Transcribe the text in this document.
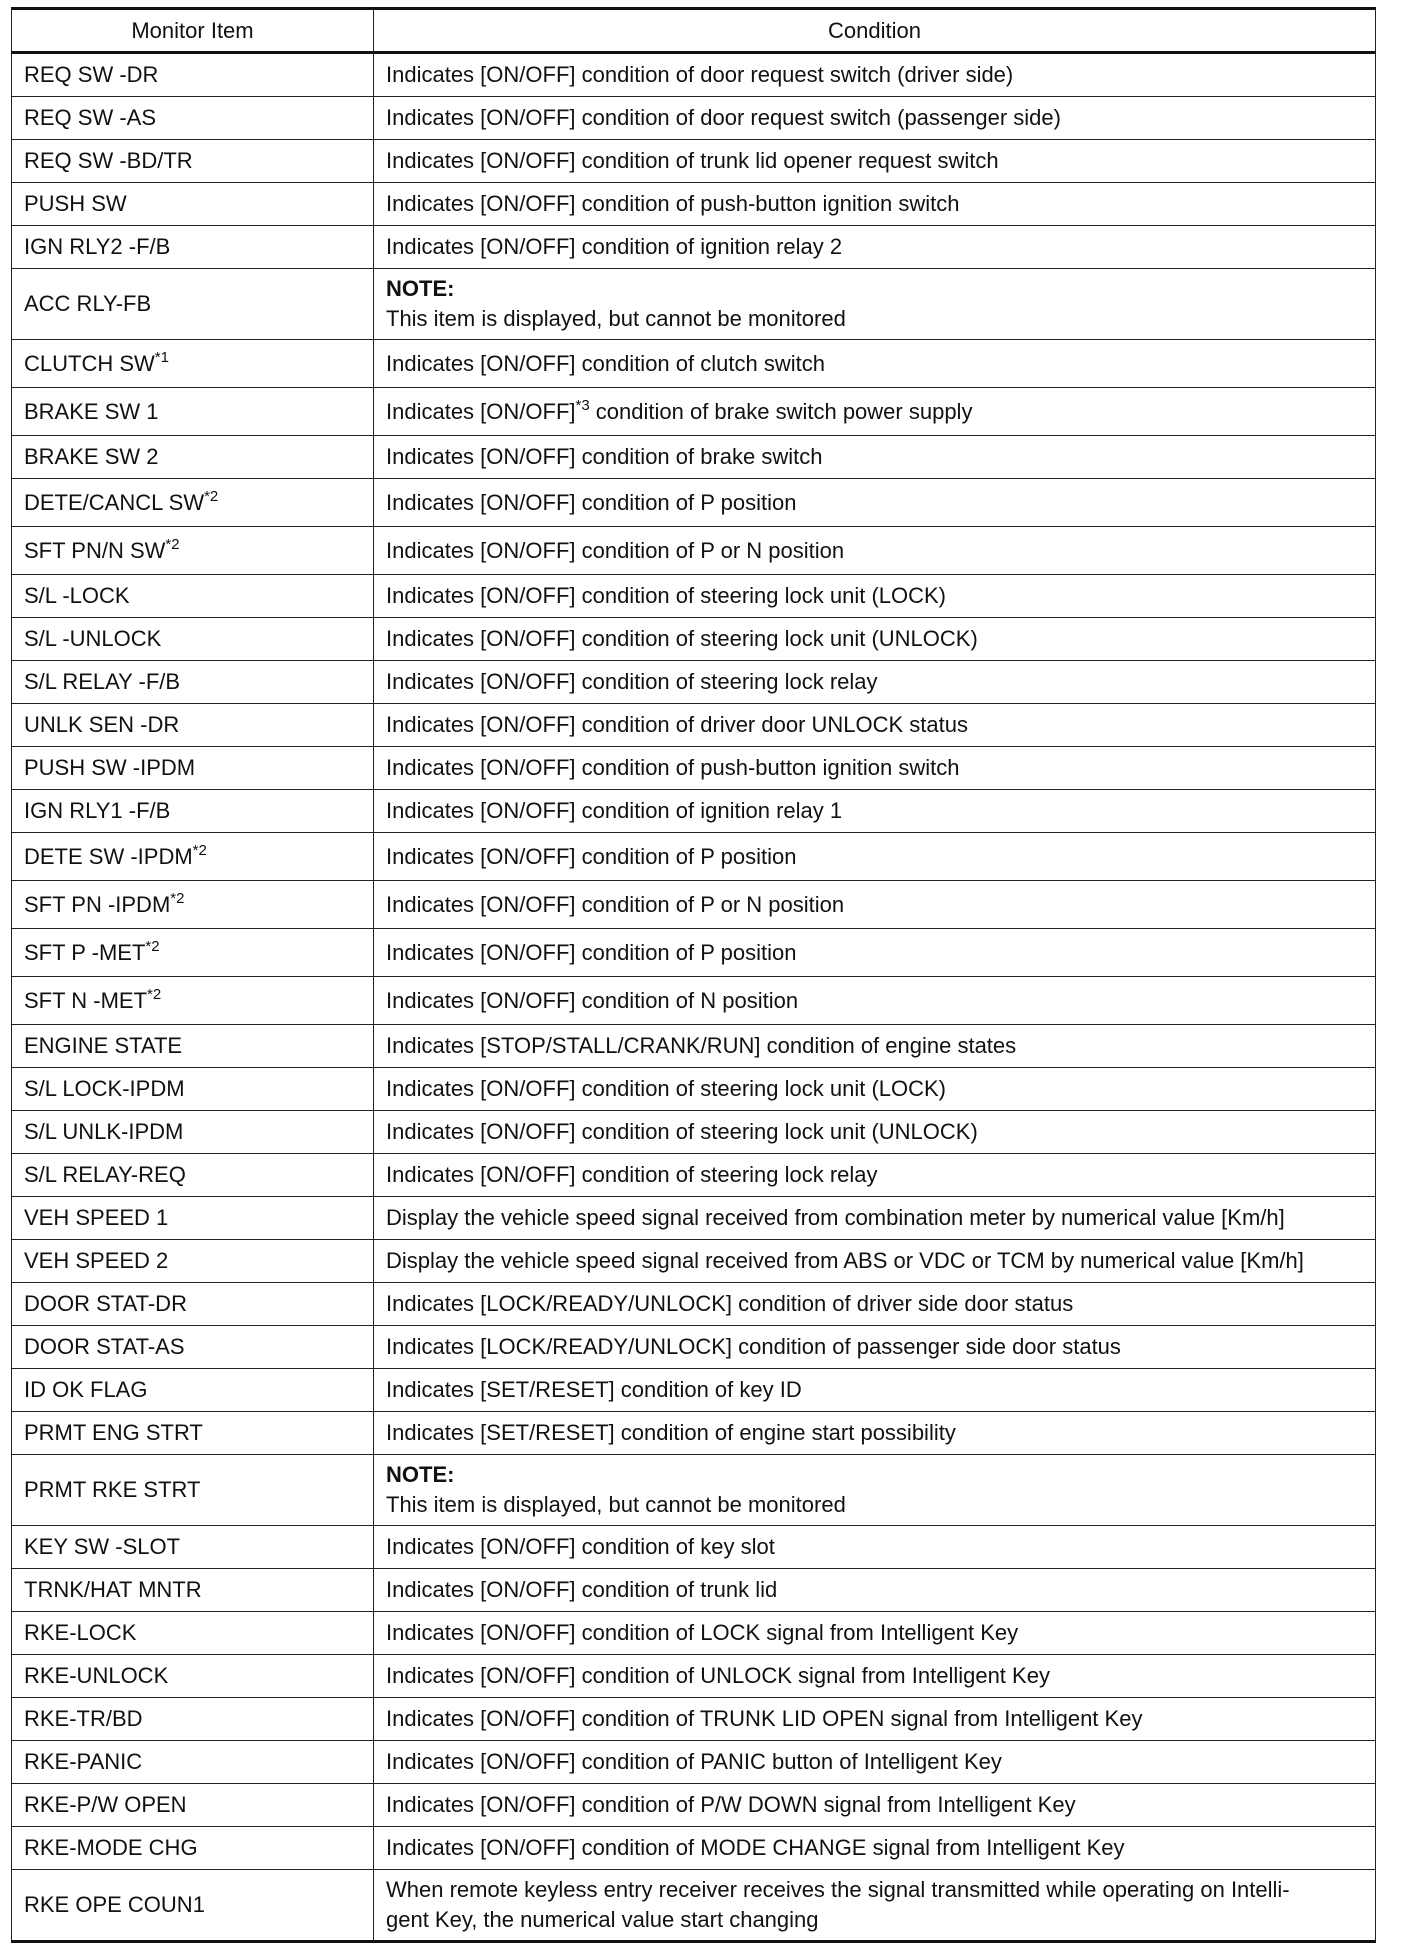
Monitor Item	Condition
REQ SW -DR	Indicates [ON/OFF] condition of door request switch (driver side)
REQ SW -AS	Indicates [ON/OFF] condition of door request switch (passenger side)
REQ SW -BD/TR	Indicates [ON/OFF] condition of trunk lid opener request switch
PUSH SW	Indicates [ON/OFF] condition of push-button ignition switch
IGN RLY2 -F/B	Indicates [ON/OFF] condition of ignition relay 2
ACC RLY-FB	NOTE:
This item is displayed, but cannot be monitored

CLUTCH SW$^{*1}$	Indicates [ON/OFF] condition of clutch switch
BRAKE SW 1	Indicates $[ON/OFF]^{*3}$ condition of brake switch power supply
BRAKE SW 2	Indicates [ON/OFF] condition of brake switch
DETE/CANCL SW$^{*2}$	Indicates [ON/OFF] condition of P position
SFT PN/N SW$^{*2}$	Indicates [ON/OFF] condition of P or N position
S/L -LOCK	Indicates [ON/OFF] condition of steering lock unit (LOCK)
S/L -UNLOCK	Indicates [ON/OFF] condition of steering lock unit (UNLOCK)
S/L RELAY -F/B	Indicates [ON/OFF] condition of steering lock relay
UNLK SEN -DR	Indicates [ON/OFF] condition of driver door UNLOCK status
PUSH SW -IPDM	Indicates [ON/OFF] condition of push-button ignition switch
IGN RLY1 -F/B	Indicates [ON/OFF] condition of ignition relay 1
DETE SW -IPDM$^{*2}$	Indicates [ON/OFF] condition of P position
SFT PN -IPDM$^{*2}$	Indicates [ON/OFF] condition of P or N position
SFT P -MET$^{*2}$	Indicates [ON/OFF] condition of P position
SFT N -MET$^{*2}$	Indicates [ON/OFF] condition of N position
ENGINE STATE	Indicates [STOP/STALL/CRANK/RUN] condition of engine states
S/L LOCK-IPDM	Indicates [ON/OFF] condition of steering lock unit (LOCK)
S/L UNLK-IPDM	Indicates [ON/OFF] condition of steering lock unit (UNLOCK)
S/L RELAY-REQ	Indicates [ON/OFF] condition of steering lock relay
VEH SPEED 1	Display the vehicle speed signal received from combination meter by numerical value [Km/h]
VEH SPEED 2	Display the vehicle speed signal received from ABS or VDC or TCM by numerical value [Km/h]
DOOR STAT-DR	Indicates [LOCK/READY/UNLOCK] condition of driver side door status
DOOR STAT-AS	Indicates [LOCK/READY/UNLOCK] condition of passenger side door status
ID OK FLAG	Indicates [SET/RESET] condition of key ID
PRMT ENG STRT	Indicates [SET/RESET] condition of engine start possibility
PRMT RKE STRT	NOTE:
This item is displayed, but cannot be monitored

KEY SW -SLOT	Indicates [ON/OFF] condition of key slot
TRNK/HAT MNTR	Indicates [ON/OFF] condition of trunk lid
RKE-LOCK	Indicates [ON/OFF] condition of LOCK signal from Intelligent Key
RKE-UNLOCK	Indicates [ON/OFF] condition of UNLOCK signal from Intelligent Key
RKE-TR/BD	Indicates [ON/OFF] condition of TRUNK LID OPEN signal from Intelligent Key
RKE-PANIC	Indicates [ON/OFF] condition of PANIC button of Intelligent Key
RKE-P/W OPEN	Indicates [ON/OFF] condition of P/W DOWN signal from Intelligent Key
RKE-MODE CHG	Indicates [ON/OFF] condition of MODE CHANGE signal from Intelligent Key
RKE OPE COUN1	When remote keyless entry receiver receives the signal transmitted while operating on Intelli-
gent Key, the numerical value start changing
